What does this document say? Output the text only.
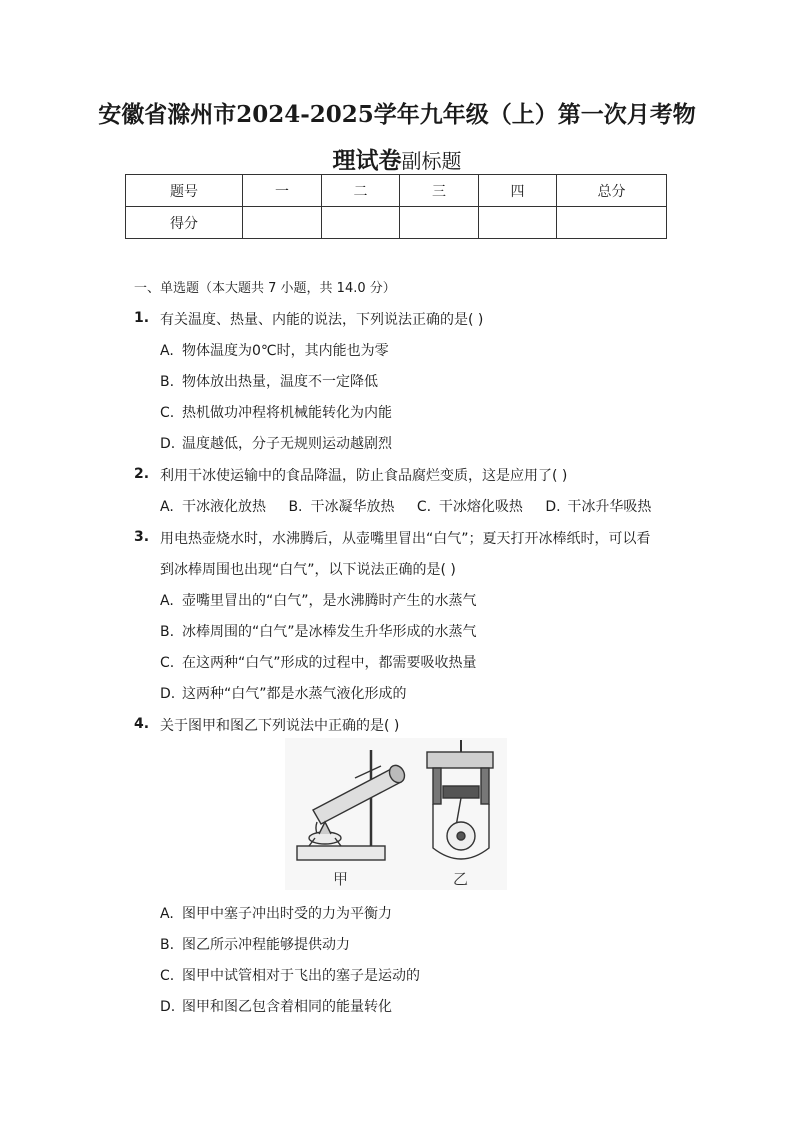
安徽省滁州市2024-2025学年九年级（上）第一次月考物
理试卷副标题
题号	一	二	三	四	总分
得分					
一、单选题（本大题共 7 小题，共 14.0 分）
1. 有关温度、热量、内能的说法，下列说法正确的是( )
A. 物体温度为0℃时，其内能也为零
B. 物体放出热量，温度不一定降低
C. 热机做功冲程将机械能转化为内能
D. 温度越低，分子无规则运动越剧烈
2. 利用干冰使运输中的食品降温，防止食品腐烂变质，这是应用了( )
A. 干冰液化放热 B. 干冰凝华放热 C. 干冰熔化吸热 D. 干冰升华吸热
3. 用电热壶烧水时，水沸腾后，从壶嘴里冒出“白气”；夏天打开冰棒纸时，可以看
到冰棒周围也出现“白气”，以下说法正确的是( )
A. 壶嘴里冒出的“白气”，是水沸腾时产生的水蒸气
B. 冰棒周围的“白气”是冰棒发生升华形成的水蒸气
C. 在这两种“白气”形成的过程中，都需要吸收热量
D. 这两种“白气”都是水蒸气液化形成的
4. 关于图甲和图乙下列说法中正确的是( )
甲	乙
A. 图甲中塞子冲出时受的力为平衡力
B. 图乙所示冲程能够提供动力
C. 图甲中试管相对于飞出的塞子是运动的
D. 图甲和图乙包含着相同的能量转化
